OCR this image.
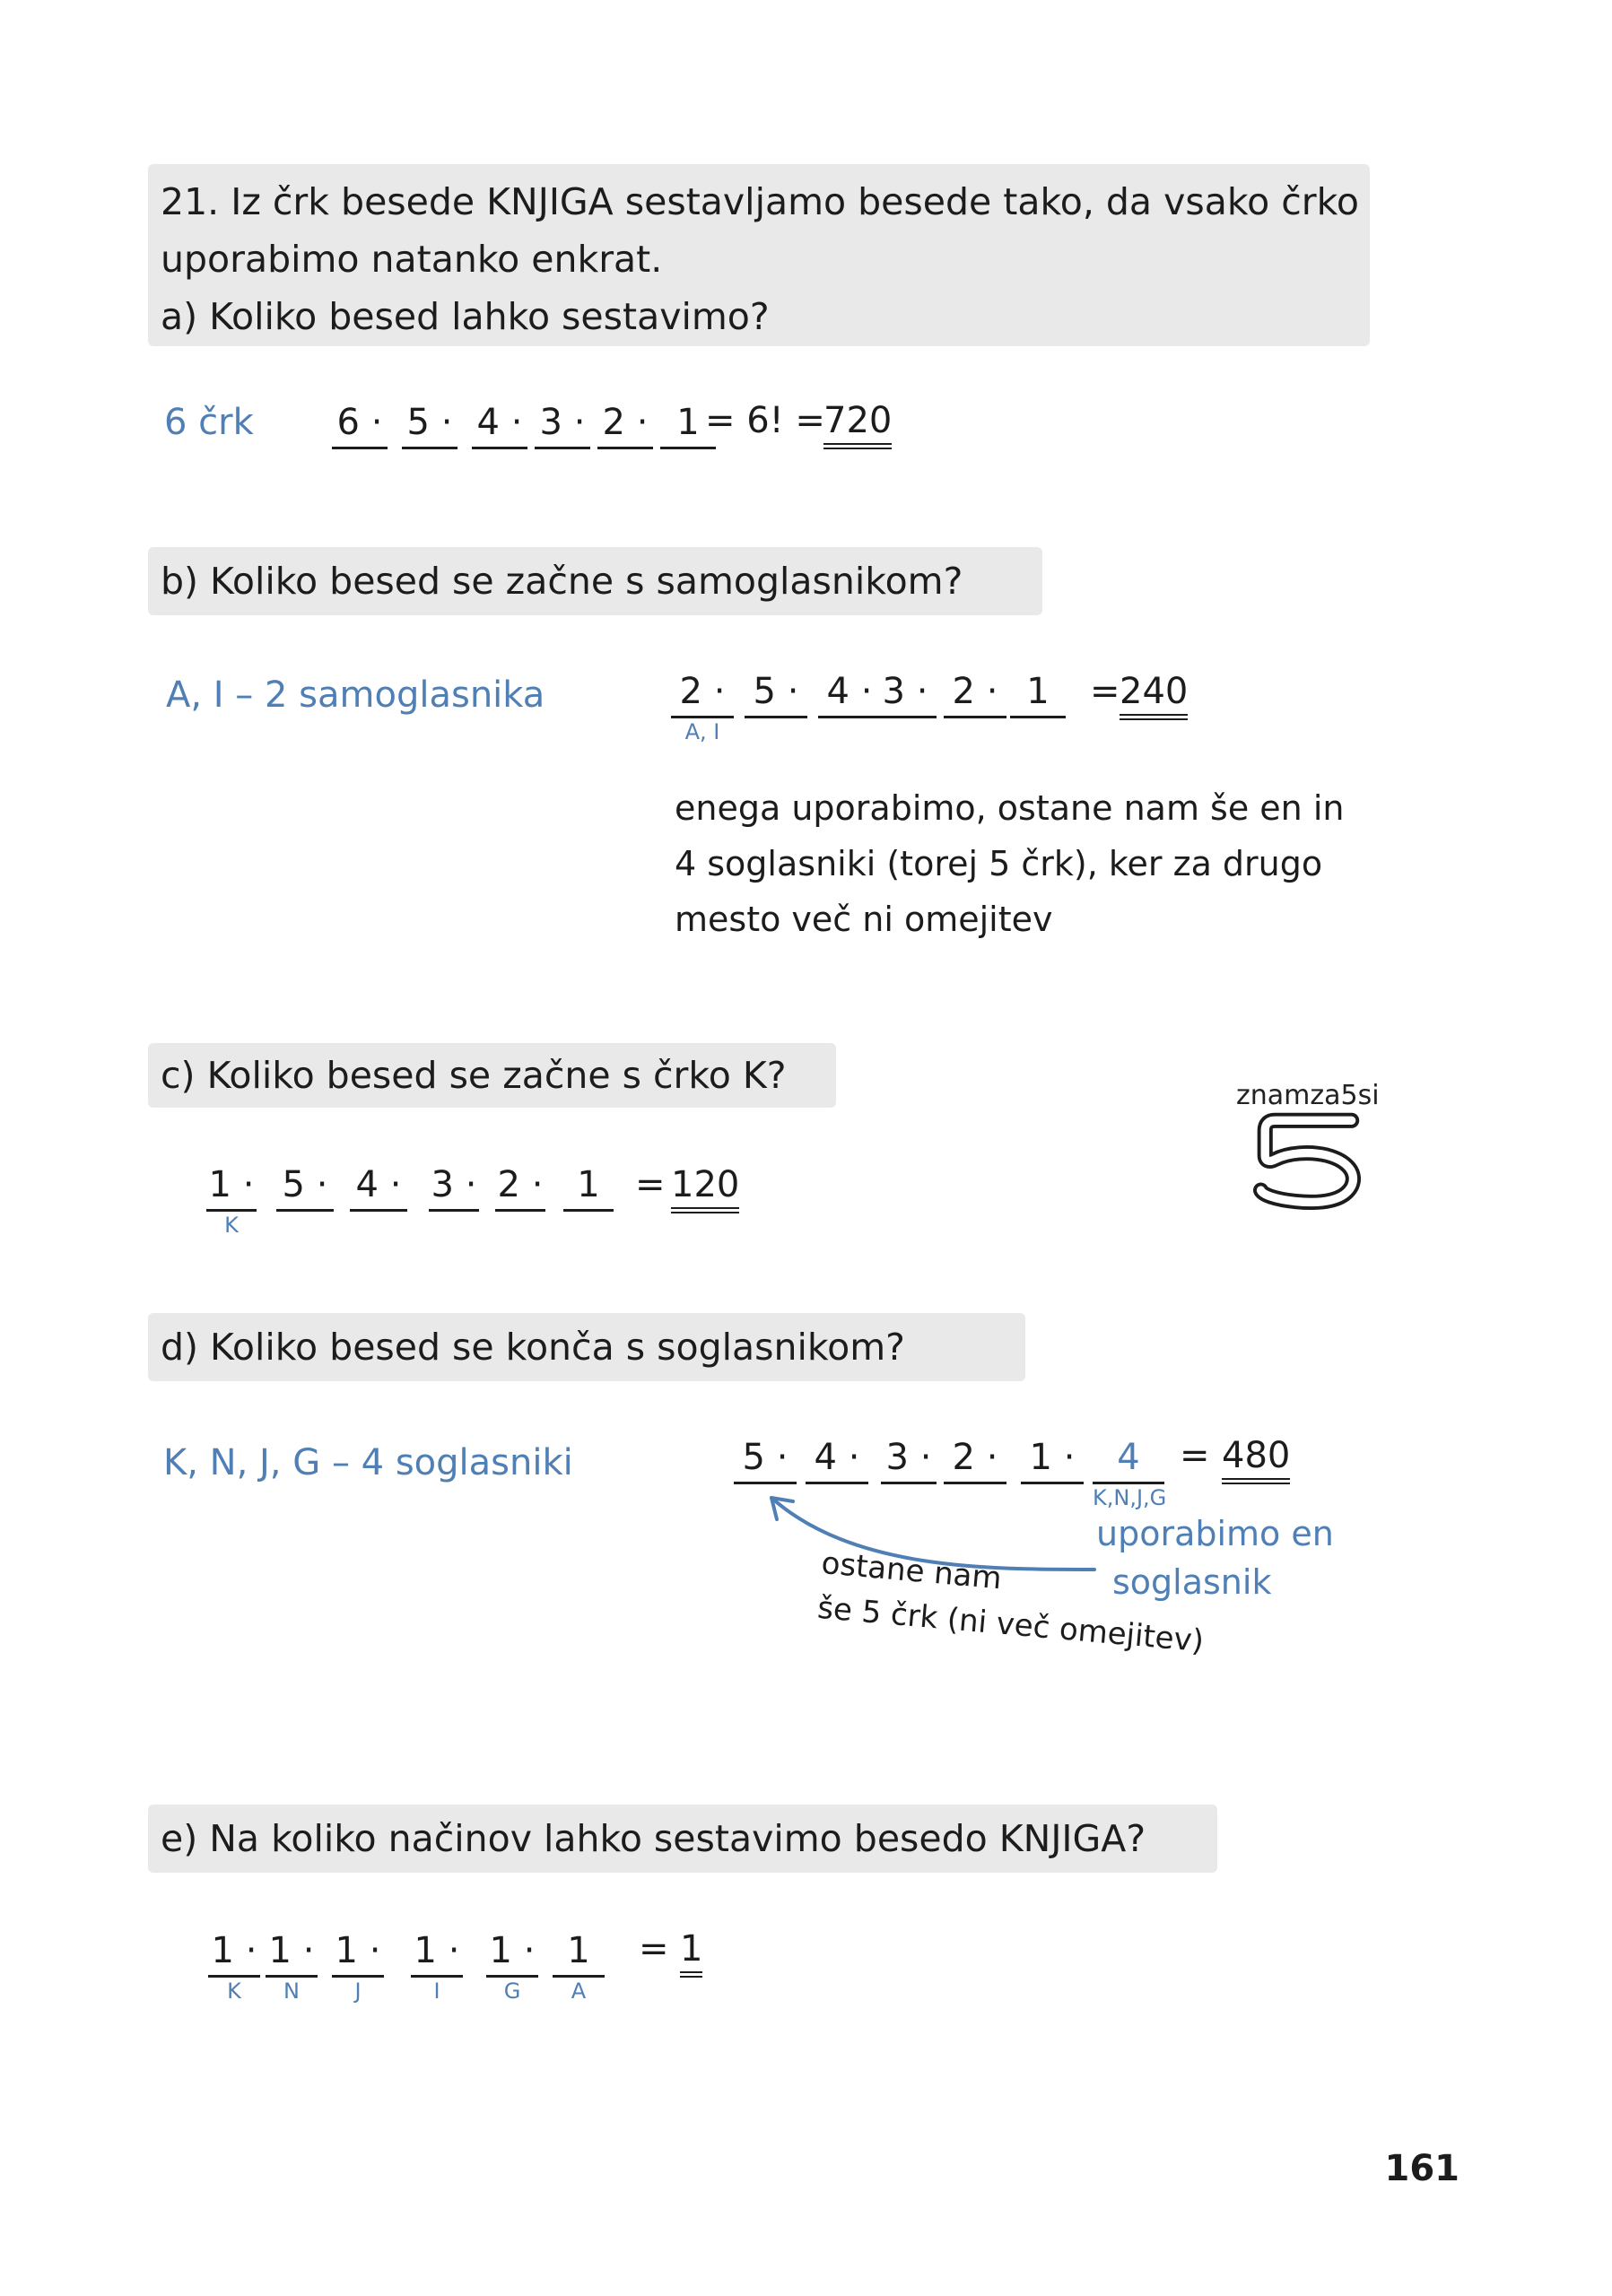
21. Iz črk besede KNJIGA sestavljamo besede tako, da vsako črko
uporabimo natanko enkrat.
a) Koliko besed lahko sestavimo?
6 črk 6 · 5 · 4 · 3 · 2 · 1 = 6! =
720
b) Koliko besed se začne s samoglasnikom?
A, I – 2 samoglasnika	2 ·
A, I
5 · 4 · 3 · 2 · 1	= 240
enega uporabimo, ostane nam še en in
4 soglasniki (torej 5 črk), ker za drugo
mesto več ni omejitev
c) Koliko besed se začne s črko K?
1 ·
K
5 · 4 · 3 · 2 · 1 = 120
znamza5si
d) Koliko besed se konča s soglasnikom?
K, N, J, G – 4 soglasniki	5 · 4 · 3 · 2 · 1 ·	4
K,N,J,G
= 480
uporabimo en
soglasnik
ostane nam
še 5 črk (ni več omejitev)
e) Na koliko načinov lahko sestavimo besedo KNJIGA?
1 ·
K
1 ·
N
1 ·
J
1 ·
I
1 ·
G
1
A
= 1
161
